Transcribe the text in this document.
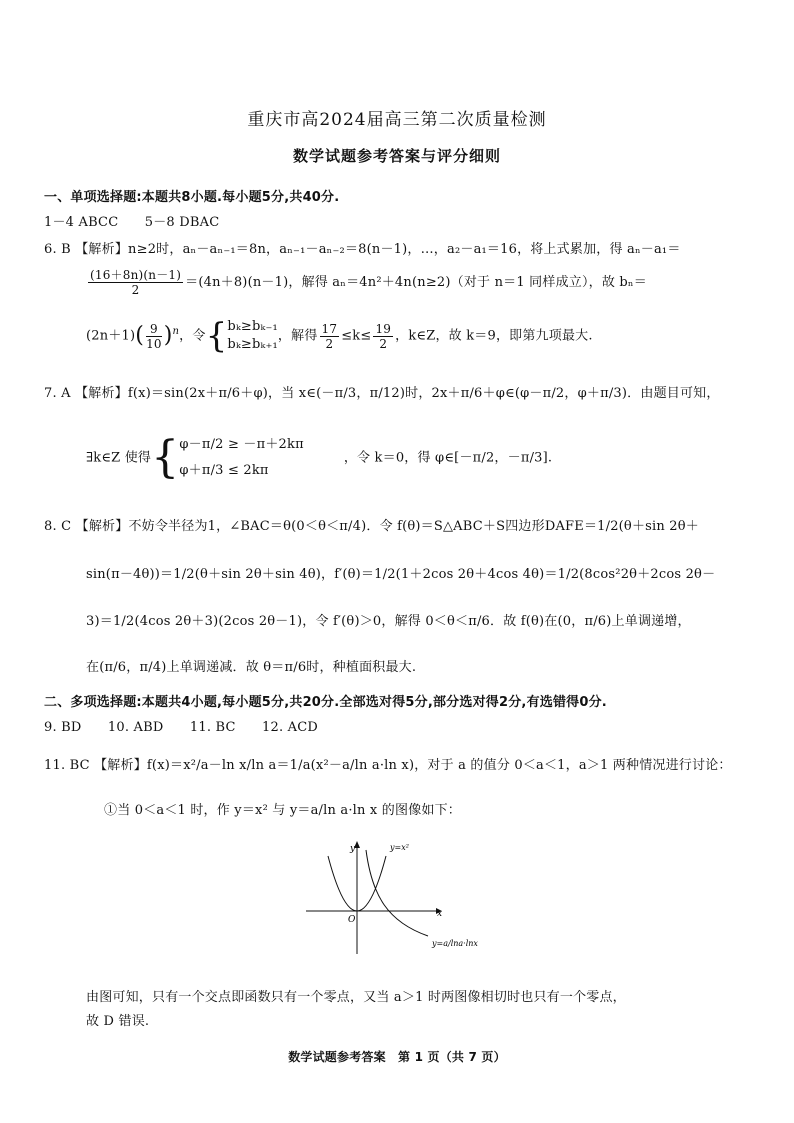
重庆市高2024届高三第二次质量检测
数学试题参考答案与评分细则
一、单项选择题:本题共8小题.每小题5分,共40分.
1－4 ABCC　　5－8 DBAC
6. B 【解析】n≥2时，aₙ－aₙ₋₁＝8n，aₙ₋₁－aₙ₋₂＝8(n－1)，…，a₂－a₁＝16，将上式累加，得 aₙ－a₁＝
$\frac{(16+8n)(n-1)}{2} =(4n+8)(n-1)$，解得 aₙ＝4n²＋4n(n≥2)（对于 n＝1 同样成立），故 bₙ＝
$(2n+1)( \frac{9}{10} )^n$，令{ bₖ≥bₖ₋₁
bₖ≥bₖ₊₁
，解得 $\frac{17}{2} \le k\le \frac{19}{2}$ ，k∈Z，故 k＝9，即第九项最大.
7. A 【解析】f(x)＝sin(2x＋π/6＋φ)，当 x∈(－π/3，π/12)时，2x＋π/6＋φ∈(φ－π/2，φ＋π/3)．由题目可知，
∃k∈Z 使得{ φ－π/2 ≥ －π＋2kπ
φ＋π/3 ≤ 2kπ
，令 k＝0，得 φ∈[－π/2，－π/3].
8. C 【解析】不妨令半径为1，∠BAC＝θ(0＜θ＜π/4)．令 f(θ)＝S△ABC＋S四边形DAFE＝1/2(θ＋sin 2θ＋
sin(π－4θ))＝1/2(θ＋sin 2θ＋sin 4θ)，f′(θ)＝1/2(1＋2cos 2θ＋4cos 4θ)＝1/2(8cos²2θ＋2cos 2θ－
3)＝1/2(4cos 2θ＋3)(2cos 2θ－1)，令 f′(θ)＞0，解得 0＜θ＜π/6．故 f(θ)在(0，π/6)上单调递增，
在(π/6，π/4)上单调递减．故 θ＝π/6时，种植面积最大.
二、多项选择题:本题共4小题,每小题5分,共20分.全部选对得5分,部分选对得2分,有选错得0分.
9. BD　　10. ABD　　11. BC　　12. ACD
11. BC 【解析】f(x)＝x²/a－ln x/ln a＝1/a(x²－a/ln a·ln x)，对于 a 的值分 0＜a＜1，a＞1 两种情况进行讨论：
①当 0＜a＜1 时，作 y＝x² 与 y＝a/ln a·ln x 的图像如下：
y
x
O
y=x²
y=a/lna·lnx
由图可知，只有一个交点即函数只有一个零点，又当 a＞1 时两图像相切时也只有一个零点，
故 D 错误.
数学试题参考答案　第 1 页（共 7 页）
